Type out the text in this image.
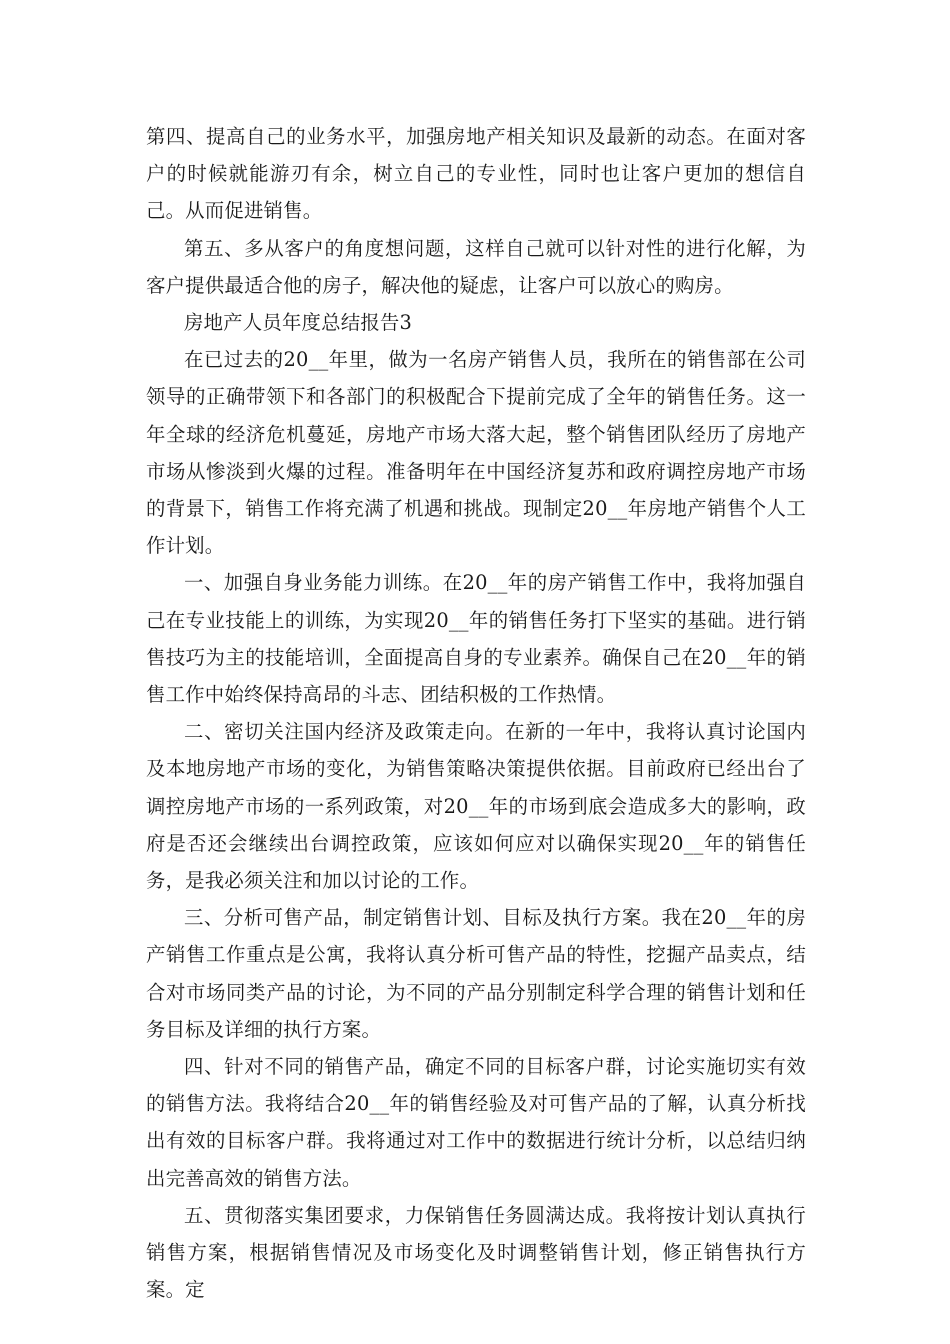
第四、提高自己的业务水平，加强房地产相关知识及最新的动态。在面对客户的时候就能游刃有余，树立自己的专业性，同时也让客户更加的想信自己。从而促进销售。

第五、多从客户的角度想问题，这样自己就可以针对性的进行化解，为客户提供最适合他的房子，解决他的疑虑，让客户可以放心的购房。

房地产人员年度总结报告3

在已过去的20__年里，做为一名房产销售人员，我所在的销售部在公司领导的正确带领下和各部门的积极配合下提前完成了全年的销售任务。这一年全球的经济危机蔓延，房地产市场大落大起，整个销售团队经历了房地产市场从惨淡到火爆的过程。准备明年在中国经济复苏和政府调控房地产市场的背景下，销售工作将充满了机遇和挑战。现制定20__年房地产销售个人工作计划。

一、加强自身业务能力训练。在20__年的房产销售工作中，我将加强自己在专业技能上的训练，为实现20__年的销售任务打下坚实的基础。进行销售技巧为主的技能培训，全面提高自身的专业素养。确保自己在20__年的销售工作中始终保持高昂的斗志、团结积极的工作热情。

二、密切关注国内经济及政策走向。在新的一年中，我将认真讨论国内及本地房地产市场的变化，为销售策略决策提供依据。目前政府已经出台了调控房地产市场的一系列政策，对20__年的市场到底会造成多大的影响，政府是否还会继续出台调控政策，应该如何应对以确保实现20__年的销售任务，是我必须关注和加以讨论的工作。

三、分析可售产品，制定销售计划、目标及执行方案。我在20__年的房产销售工作重点是公寓，我将认真分析可售产品的特性，挖掘产品卖点，结合对市场同类产品的讨论，为不同的产品分别制定科学合理的销售计划和任务目标及详细的执行方案。

四、针对不同的销售产品，确定不同的目标客户群，讨论实施切实有效的销售方法。我将结合20__年的销售经验及对可售产品的了解，认真分析找出有效的目标客户群。我将通过对工作中的数据进行统计分析，以总结归纳出完善高效的销售方法。

五、贯彻落实集团要求，力保销售任务圆满达成。我将按计划认真执行销售方案，根据销售情况及市场变化及时调整销售计划，修正销售执行方案。定
